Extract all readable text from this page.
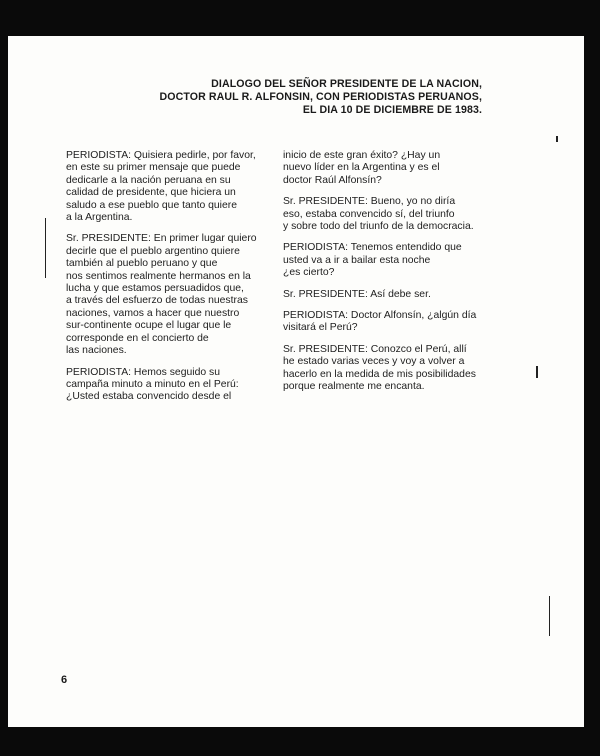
DIALOGO DEL SEÑOR PRESIDENTE DE LA NACION,
DOCTOR RAUL R. ALFONSIN, CON PERIODISTAS PERUANOS,
EL DIA 10 DE DICIEMBRE DE 1983.
PERIODISTA: Quisiera pedirle, por favor,
en este su primer mensaje que puede
dedicarle a la nación peruana en su
calidad de presidente, que hiciera un
saludo a ese pueblo que tanto quiere
a la Argentina.
Sr. PRESIDENTE: En primer lugar quiero
decirle que el pueblo argentino quiere
también al pueblo peruano y que
nos sentimos realmente hermanos en la
lucha y que estamos persuadidos que,
a través del esfuerzo de todas nuestras
naciones, vamos a hacer que nuestro
sur-continente ocupe el lugar que le
corresponde en el concierto de
las naciones.
PERIODISTA: Hemos seguido su
campaña minuto a minuto en el Perú:
¿Usted estaba convencido desde el
inicio de este gran éxito? ¿Hay un
nuevo líder en la Argentina y es el
doctor Raúl Alfonsín?
Sr. PRESIDENTE: Bueno, yo no diría
eso, estaba convencido sí, del triunfo
y sobre todo del triunfo de la democracia.
PERIODISTA: Tenemos entendido que
usted va a ir a bailar esta noche
¿es cierto?
Sr. PRESIDENTE: Así debe ser.
PERIODISTA: Doctor Alfonsín, ¿algún día
visitará el Perú?
Sr. PRESIDENTE: Conozco el Perú, allí
he estado varias veces y voy a volver a
hacerlo en la medida de mis posibilidades
porque realmente me encanta.
6
